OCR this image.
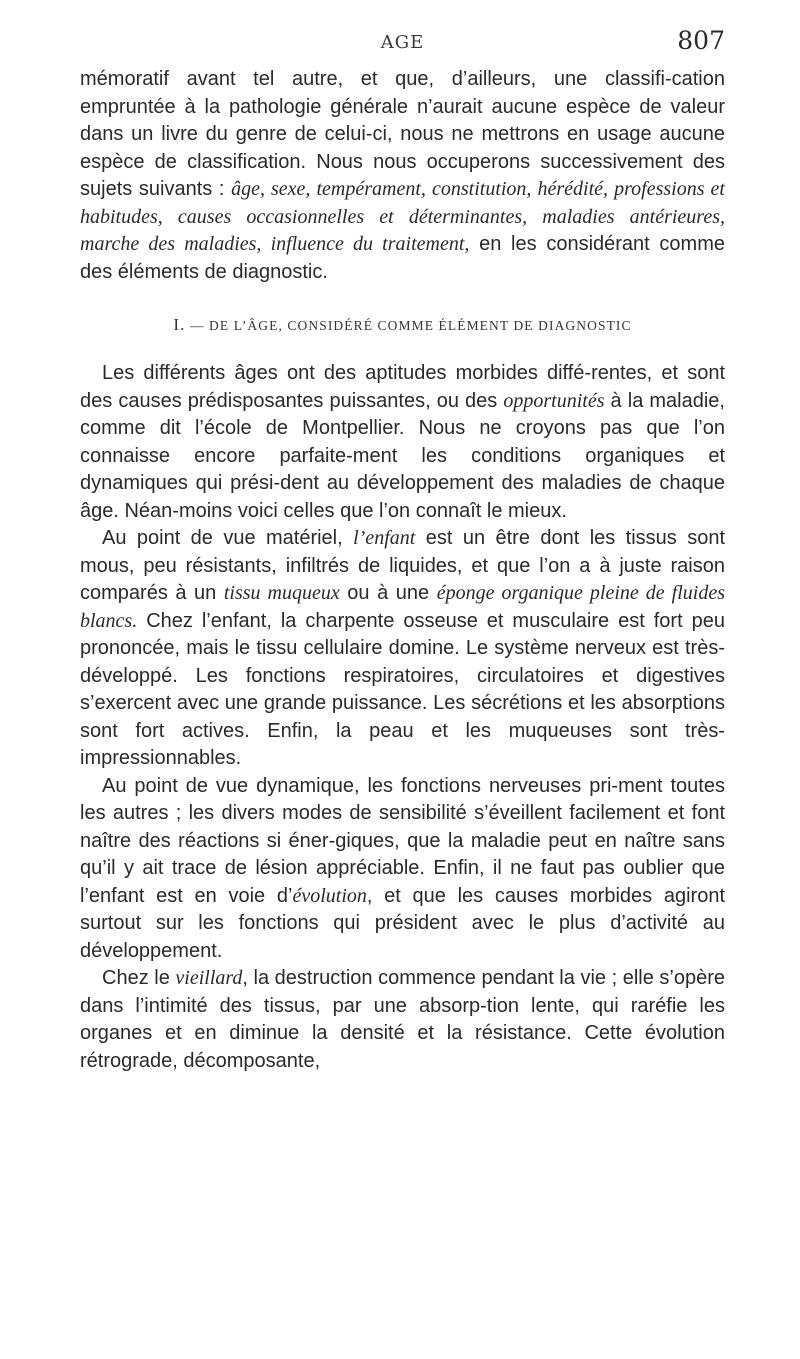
AGE	807

mémoratif avant tel autre, et que, d’ailleurs, une classifi-cation empruntée à la pathologie générale n’aurait aucune espèce de valeur dans un livre du genre de celui-ci, nous ne mettrons en usage aucune espèce de classification. Nous nous occuperons successivement des sujets suivants : âge, sexe, tempérament, constitution, hérédité, professions et habitudes, causes occasionnelles et déterminantes, maladies antérieures, marche des maladies, influence du traitement, en les considérant comme des éléments de diagnostic.

I. — DE L’ÂGE, CONSIDÉRÉ COMME ÉLÉMENT DE DIAGNOSTIC

Les différents âges ont des aptitudes morbides diffé-rentes, et sont des causes prédisposantes puissantes, ou des opportunités à la maladie, comme dit l’école de Montpellier. Nous ne croyons pas que l’on connaisse encore parfaite-ment les conditions organiques et dynamiques qui prési-dent au développement des maladies de chaque âge. Néan-moins voici celles que l’on connaît le mieux.

Au point de vue matériel, l’enfant est un être dont les tissus sont mous, peu résistants, infiltrés de liquides, et que l’on a à juste raison comparés à un tissu muqueux ou à une éponge organique pleine de fluides blancs. Chez l’enfant, la charpente osseuse et musculaire est fort peu prononcée, mais le tissu cellulaire domine. Le système nerveux est très-développé. Les fonctions respiratoires, circulatoires et digestives s’exercent avec une grande puissance. Les sécrétions et les absorptions sont fort actives. Enfin, la peau et les muqueuses sont très-impressionnables.

Au point de vue dynamique, les fonctions nerveuses pri-ment toutes les autres ; les divers modes de sensibilité s’éveillent facilement et font naître des réactions si éner-giques, que la maladie peut en naître sans qu’il y ait trace de lésion appréciable. Enfin, il ne faut pas oublier que l’enfant est en voie d’évolution, et que les causes morbides agiront surtout sur les fonctions qui président avec le plus d’activité au développement.

Chez le vieillard, la destruction commence pendant la vie ; elle s’opère dans l’intimité des tissus, par une absorp-tion lente, qui raréfie les organes et en diminue la densité et la résistance. Cette évolution rétrograde, décomposante,
